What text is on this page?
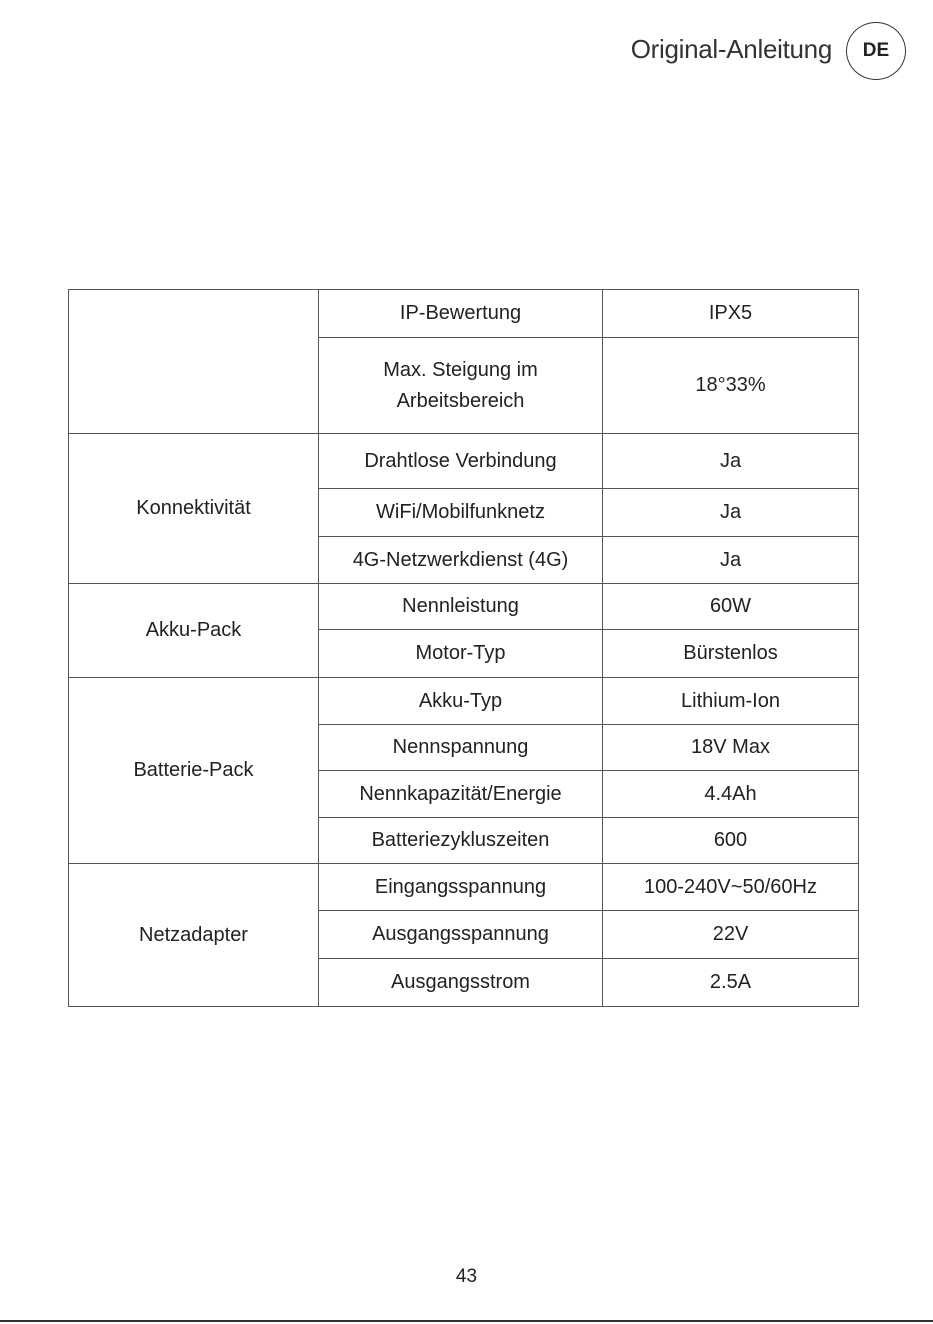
Original-Anleitung	DE
	IP-Bewertung	IPX5
	Max. Steigung im Arbeitsbereich	18°33%
Konnektivität	Drahtlose Verbindung	Ja
	WiFi/Mobilfunknetz	Ja
	4G-Netzwerkdienst (4G)	Ja
Akku-Pack	Nennleistung	60W
	Motor-Typ	Bürstenlos
Batterie-Pack	Akku-Typ	Lithium-Ion
	Nennspannung	18V Max
	Nennkapazität/Energie	4.4Ah
	Batteriezykluszeiten	600
Netzadapter	Eingangsspannung	100-240V~50/60Hz
	Ausgangsspannung	22V
	Ausgangsstrom	2.5A
43
